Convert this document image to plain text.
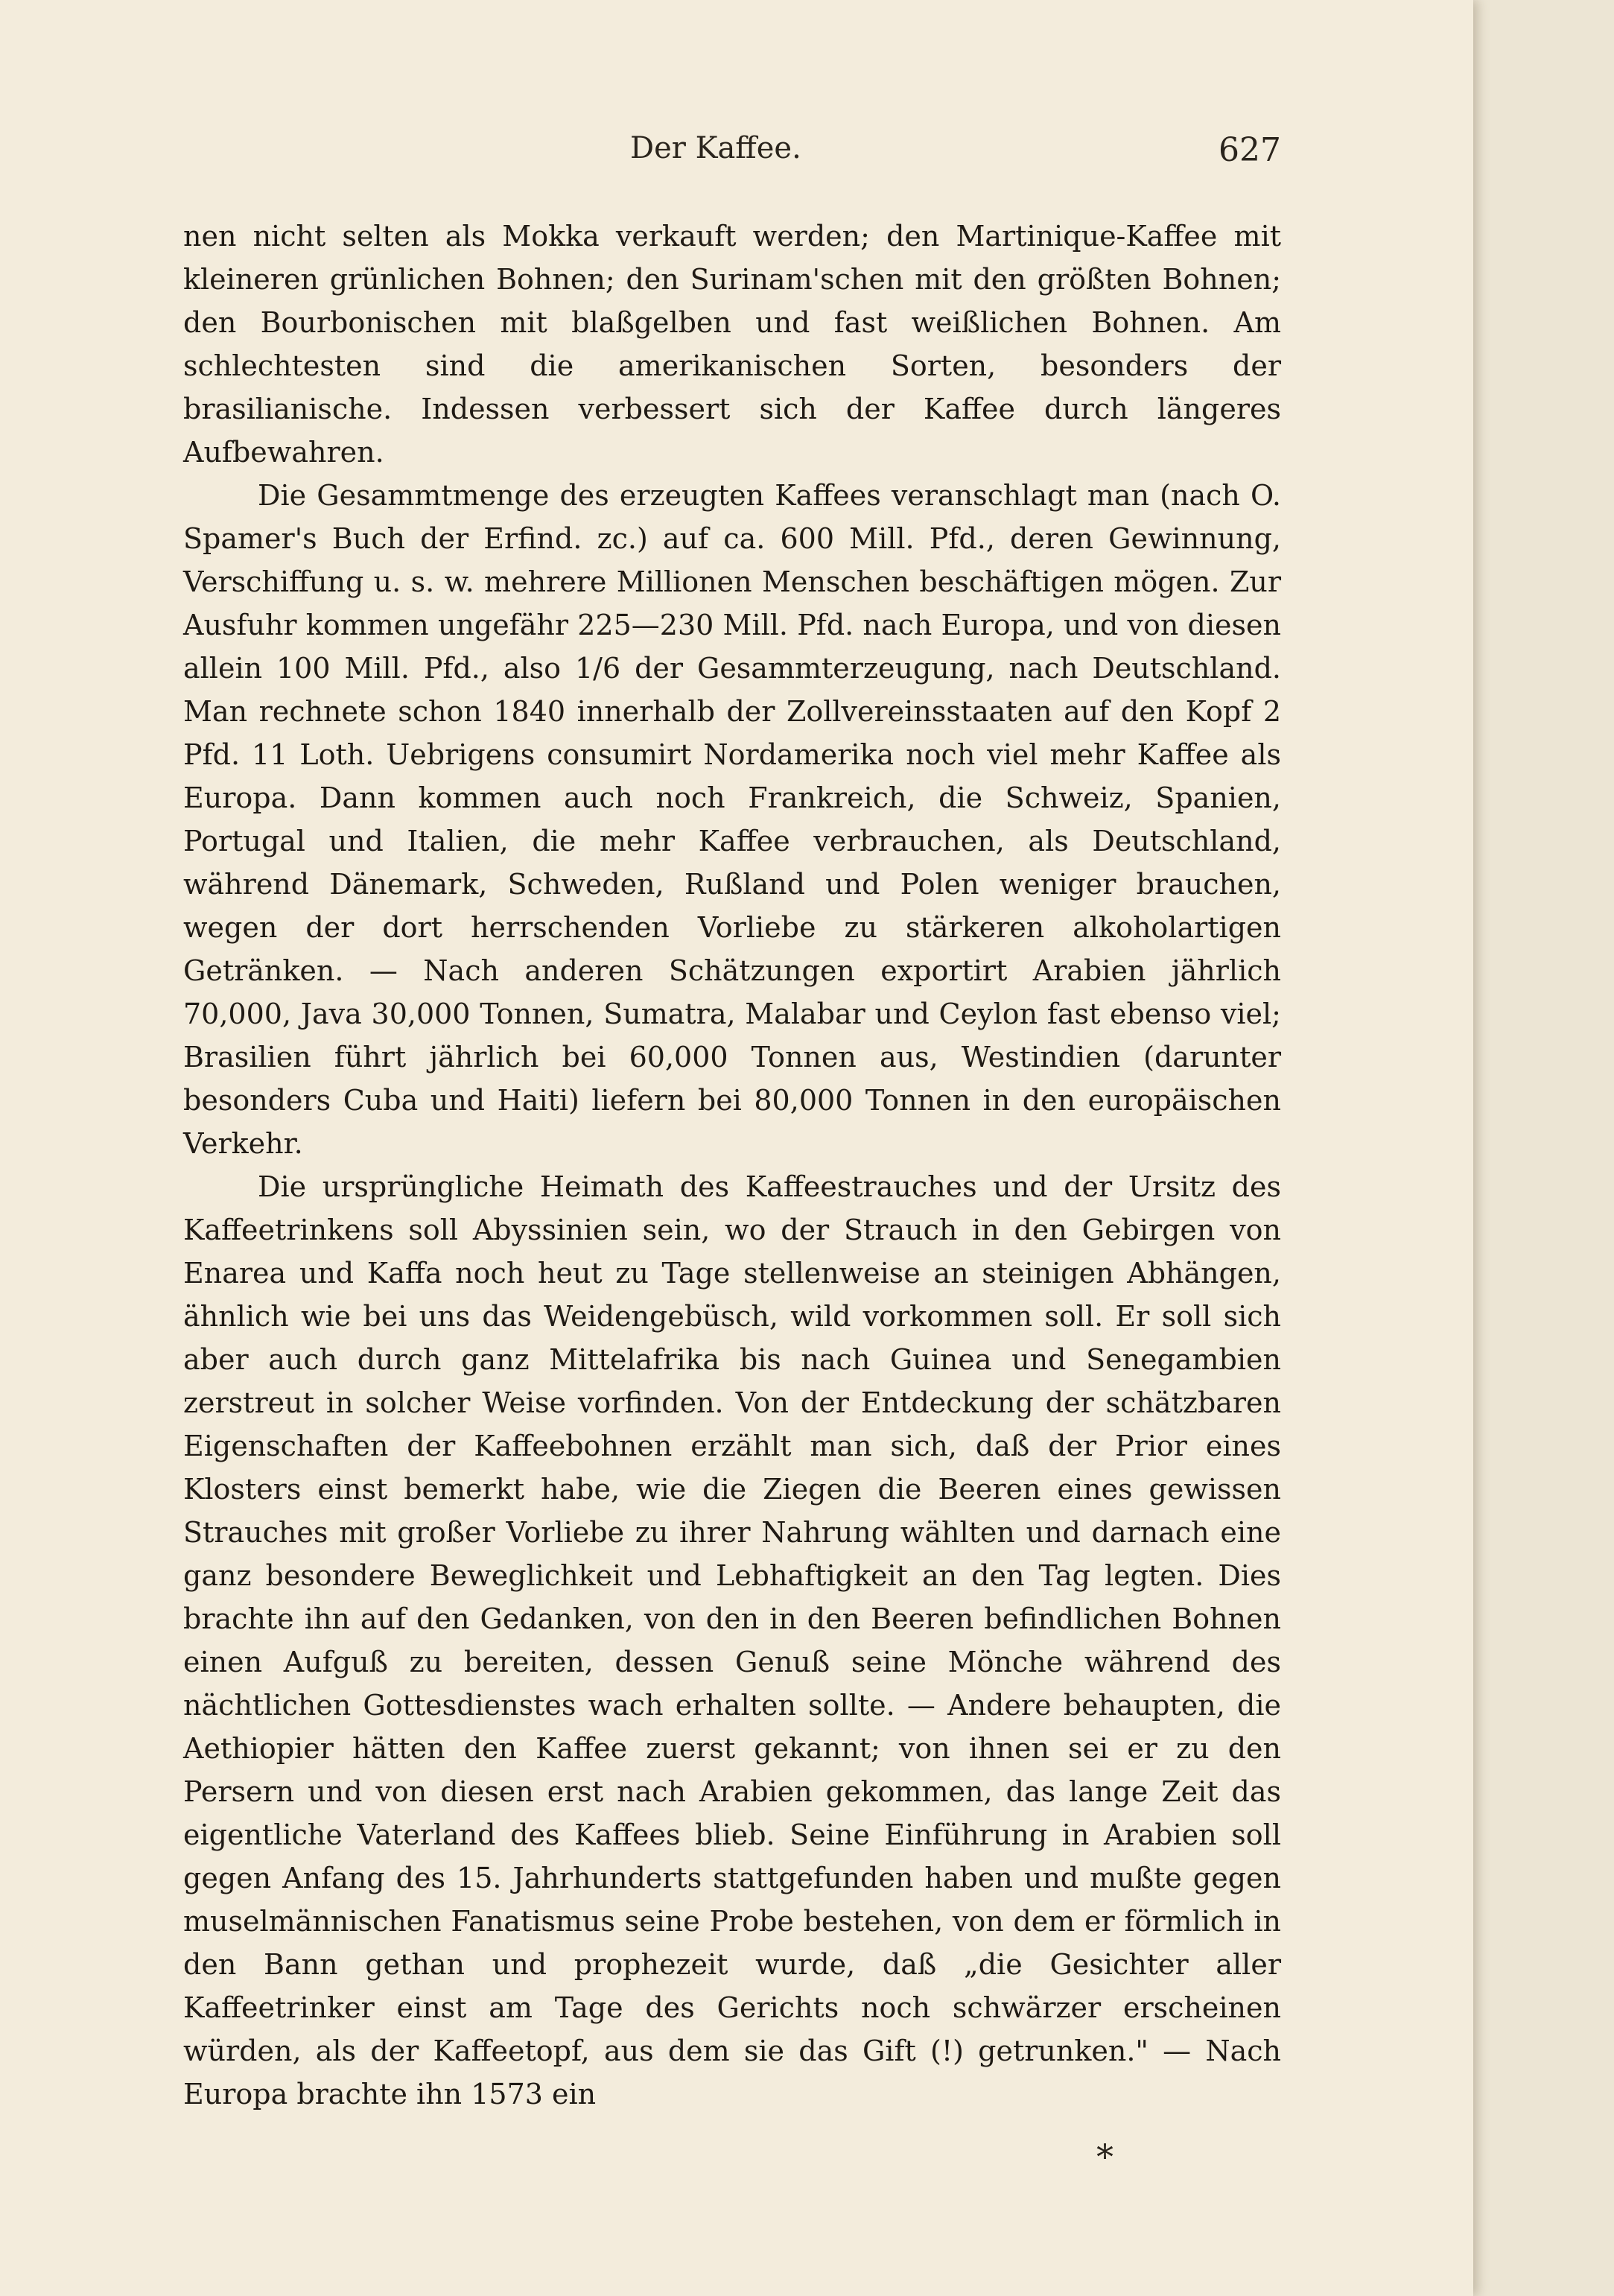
Der Kaffee.	627

nen nicht selten als Mokka verkauft werden; den Martinique-Kaffee mit kleineren grünlichen Bohnen; den Surinam'schen mit den größten Bohnen; den Bourbonischen mit blaßgelben und fast weißlichen Bohnen. Am schlechtesten sind die amerikanischen Sorten, besonders der brasilianische. Indessen verbessert sich der Kaffee durch längeres Aufbewahren.

Die Gesammtmenge des erzeugten Kaffees veranschlagt man (nach O. Spamer's Buch der Erfind. zc.) auf ca. 600 Mill. Pfd., deren Gewinnung, Verschiffung u. s. w. mehrere Millionen Menschen beschäftigen mögen. Zur Ausfuhr kommen ungefähr 225—230 Mill. Pfd. nach Europa, und von diesen allein 100 Mill. Pfd., also 1/6 der Gesammterzeugung, nach Deutschland. Man rechnete schon 1840 innerhalb der Zollvereinsstaaten auf den Kopf 2 Pfd. 11 Loth. Uebrigens consumirt Nordamerika noch viel mehr Kaffee als Europa. Dann kommen auch noch Frankreich, die Schweiz, Spanien, Portugal und Italien, die mehr Kaffee verbrauchen, als Deutschland, während Dänemark, Schweden, Rußland und Polen weniger brauchen, wegen der dort herrschenden Vorliebe zu stärkeren alkoholartigen Getränken. — Nach anderen Schätzungen exportirt Arabien jährlich 70,000, Java 30,000 Tonnen, Sumatra, Malabar und Ceylon fast ebenso viel; Brasilien führt jährlich bei 60,000 Tonnen aus, Westindien (darunter besonders Cuba und Haiti) liefern bei 80,000 Tonnen in den europäischen Verkehr.

Die ursprüngliche Heimath des Kaffeestrauches und der Ursitz des Kaffeetrinkens soll Abyssinien sein, wo der Strauch in den Gebirgen von Enarea und Kaffa noch heut zu Tage stellenweise an steinigen Abhängen, ähnlich wie bei uns das Weidengebüsch, wild vorkommen soll. Er soll sich aber auch durch ganz Mittelafrika bis nach Guinea und Senegambien zerstreut in solcher Weise vorfinden. Von der Entdeckung der schätzbaren Eigenschaften der Kaffeebohnen erzählt man sich, daß der Prior eines Klosters einst bemerkt habe, wie die Ziegen die Beeren eines gewissen Strauches mit großer Vorliebe zu ihrer Nahrung wählten und darnach eine ganz besondere Beweglichkeit und Lebhaftigkeit an den Tag legten. Dies brachte ihn auf den Gedanken, von den in den Beeren befindlichen Bohnen einen Aufguß zu bereiten, dessen Genuß seine Mönche während des nächtlichen Gottesdienstes wach erhalten sollte. — Andere behaupten, die Aethiopier hätten den Kaffee zuerst gekannt; von ihnen sei er zu den Persern und von diesen erst nach Arabien gekommen, das lange Zeit das eigentliche Vaterland des Kaffees blieb. Seine Einführung in Arabien soll gegen Anfang des 15. Jahrhunderts stattgefunden haben und mußte gegen muselmännischen Fanatismus seine Probe bestehen, von dem er förmlich in den Bann gethan und prophezeit wurde, daß „die Gesichter aller Kaffeetrinker einst am Tage des Gerichts noch schwärzer erscheinen würden, als der Kaffeetopf, aus dem sie das Gift (!) getrunken." — Nach Europa brachte ihn 1573 ein

*
